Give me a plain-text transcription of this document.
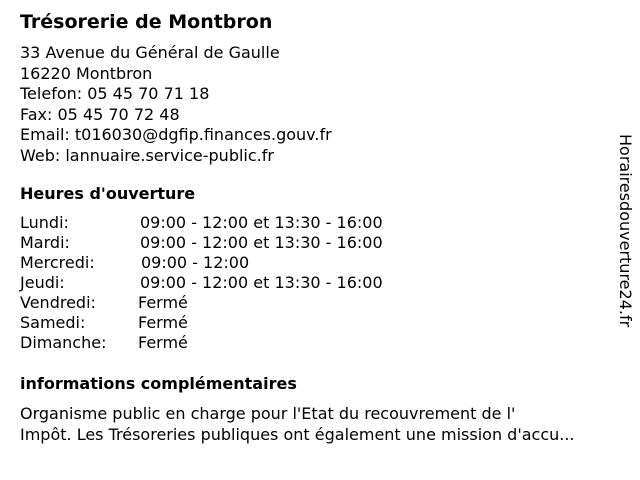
Trésorerie de Montbron
33 Avenue du Général de Gaulle
16220 Montbron
Telefon: 05 45 70 71 18
Fax: 05 45 70 72 48
Email: t016030@dgfip.finances.gouv.fr
Web: lannuaire.service-public.fr
Heures d'ouverture
Lundi:	09:00 - 12:00 et 13:30 - 16:00
Mardi:	09:00 - 12:00 et 13:30 - 16:00
Mercredi:	09:00 - 12:00
Jeudi:	09:00 - 12:00 et 13:30 - 16:00
Vendredi:	Fermé
Samedi:	Fermé
Dimanche: Fermé
informations complémentaires
Organisme public en charge pour l'Etat du recouvrement de l'
Impôt. Les Trésoreries publiques ont également une mission d'accu...
Horairesdouverture24.fr
